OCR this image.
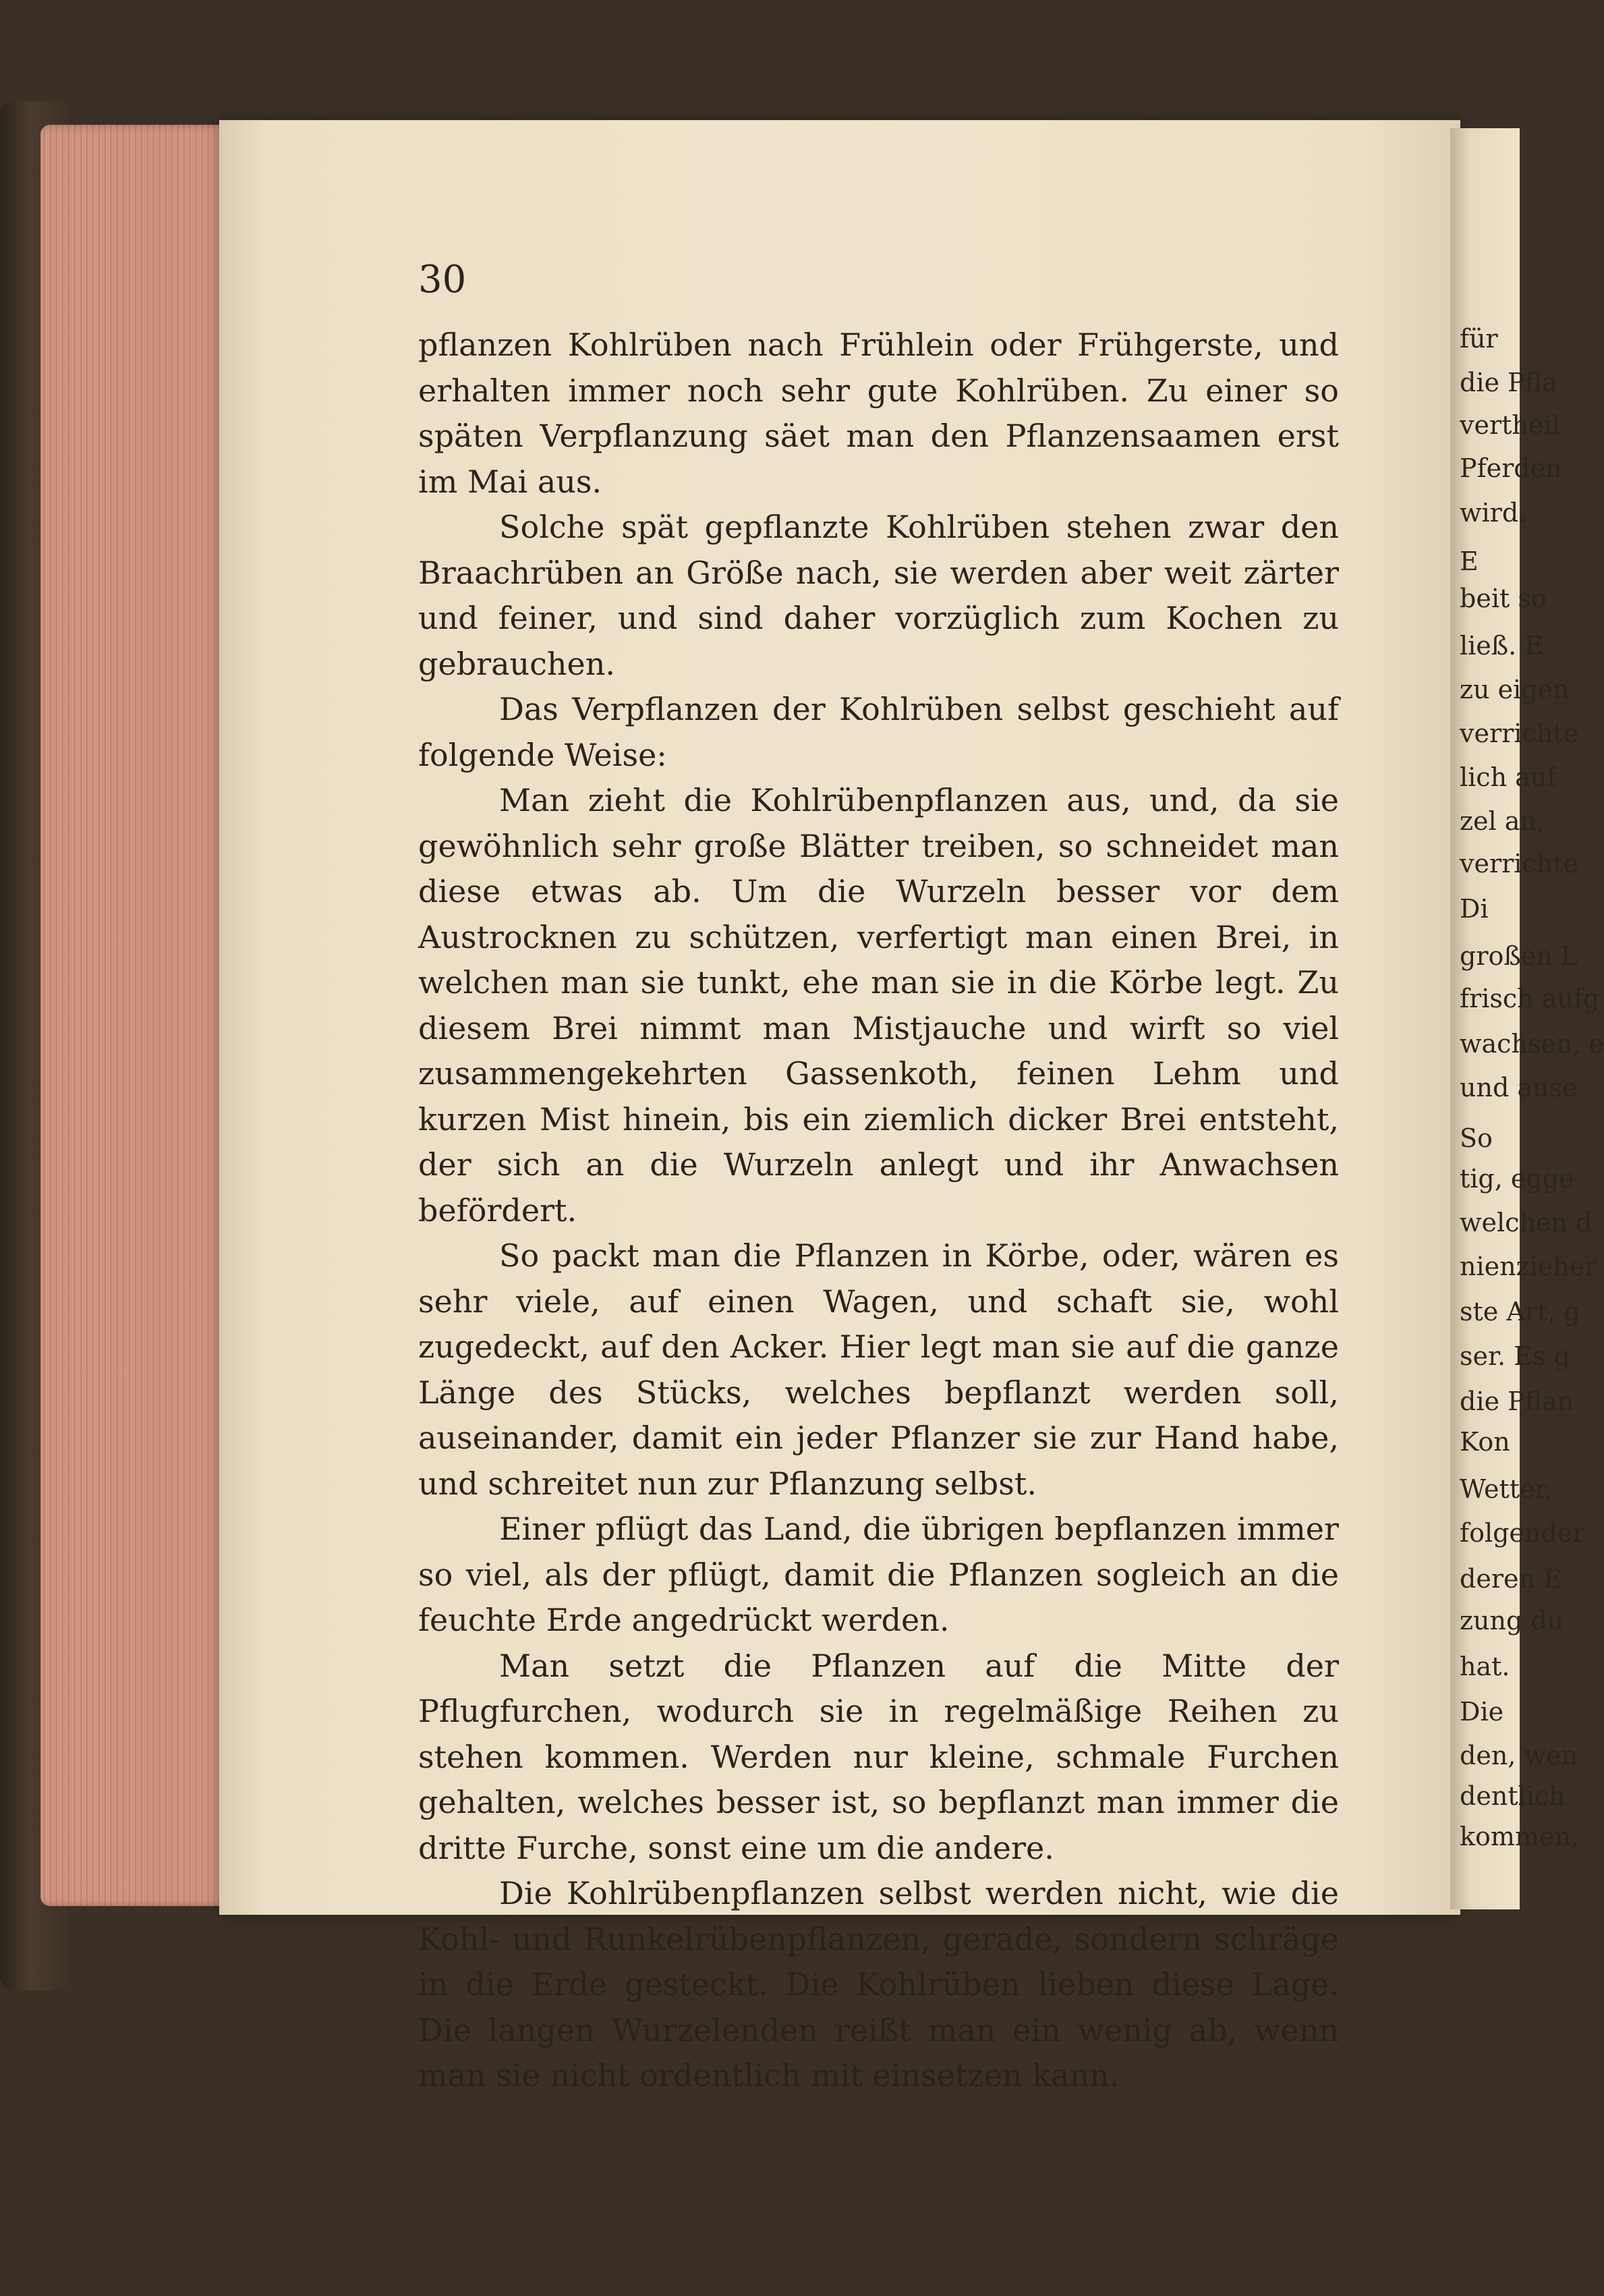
30

pflanzen Kohlrüben nach Frühlein oder Frühgerste, und erhalten immer noch sehr gute Kohlrüben. Zu einer so späten Verpflanzung säet man den Pflanzensaamen erst im Mai aus.

Solche spät gepflanzte Kohlrüben stehen zwar den Braachrüben an Größe nach, sie werden aber weit zärter und feiner, und sind daher vorzüglich zum Kochen zu gebrauchen.

Das Verpflanzen der Kohlrüben selbst geschieht auf folgende Weise:

Man zieht die Kohlrübenpflanzen aus, und, da sie gewöhnlich sehr große Blätter treiben, so schneidet man diese etwas ab. Um die Wurzeln besser vor dem Austrocknen zu schützen, verfertigt man einen Brei, in welchen man sie tunkt, ehe man sie in die Körbe legt. Zu diesem Brei nimmt man Mistjauche und wirft so viel zusammengekehrten Gassenkoth, feinen Lehm und kurzen Mist hinein, bis ein ziemlich dicker Brei entsteht, der sich an die Wurzeln anlegt und ihr Anwachsen befördert.

So packt man die Pflanzen in Körbe, oder, wären es sehr viele, auf einen Wagen, und schaft sie, wohl zugedeckt, auf den Acker. Hier legt man sie auf die ganze Länge des Stücks, welches bepflanzt werden soll, auseinander, damit ein jeder Pflanzer sie zur Hand habe, und schreitet nun zur Pflanzung selbst.

Einer pflügt das Land, die übrigen bepflanzen immer so viel, als der pflügt, damit die Pflanzen sogleich an die feuchte Erde angedrückt werden.

Man setzt die Pflanzen auf die Mitte der Pflugfurchen, wodurch sie in regelmäßige Reihen zu stehen kommen. Werden nur kleine, schmale Furchen gehalten, welches besser ist, so bepflanzt man immer die dritte Furche, sonst eine um die andere.

Die Kohlrübenpflanzen selbst werden nicht, wie die Kohl- und Runkelrübenpflanzen, gerade, sondern schräge in die Erde gesteckt. Die Kohlrüben lieben diese Lage. Die langen Wurzelenden reißt man ein wenig ab, wenn man sie nicht ordentlich mit einsetzen kann.

für
die Pfla
vertheil
Pferden
wird.
E
beit so
ließ. E
zu eigen
verrichte
lich auf
zel an,
verrichte
Di
großen L
frisch aufg
wachsen, e
und ause
So
tig, egge
welchen d
nienzieher
ste Art, g
ser. Es g
die Pflan
Kon
Wetter,
folgender
deren E
zung du
hat.
Die
den, wen
dentlich
kommen,
